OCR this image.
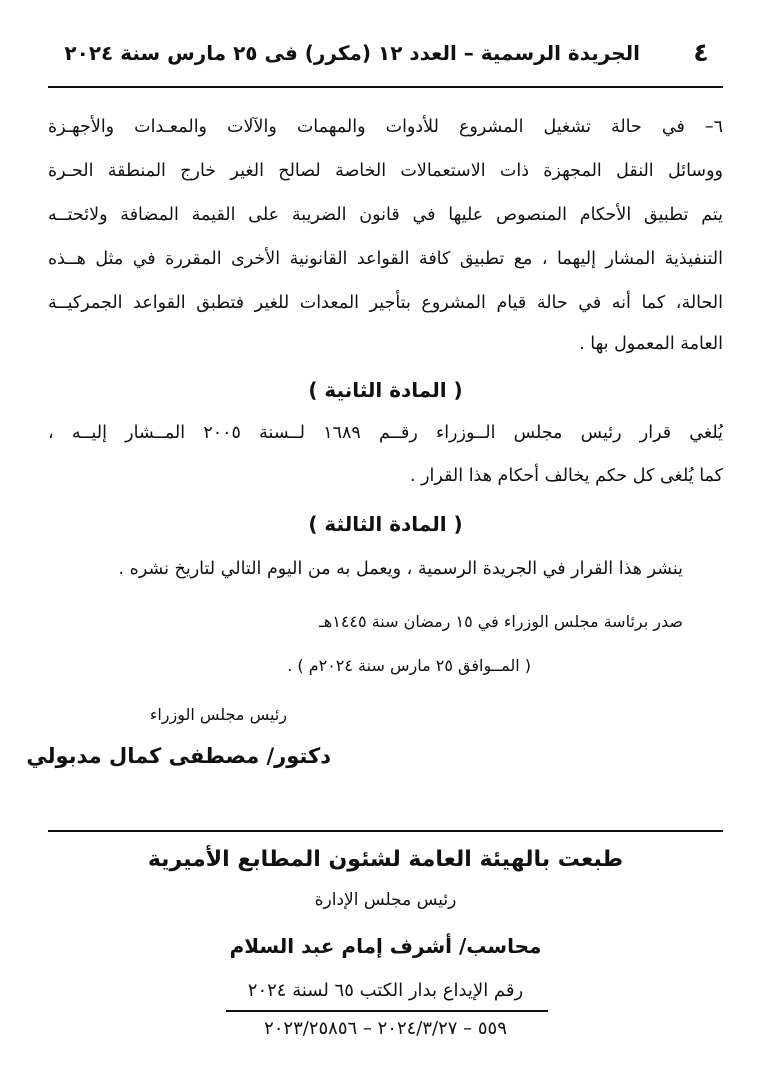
٤
الجريدة الرسمية – العدد ١٢ (مكرر) فى ٢٥ مارس سنة ٢٠٢٤
٦– في حالة تشغيل المشروع للأدوات والمهمات والآلات والمعـدات والأجهـزة
ووسائل النقل المجهزة ذات الاستعمالات الخاصة لصالح الغير خارج المنطقة الحـرة
يتم تطبيق الأحكام المنصوص عليها في قانون الضريبة على القيمة المضافة ولائحتــه
التنفيذية المشار إليهما ، مع تطبيق كافة القواعد القانونية الأخرى المقررة في مثل هــذه
الحالة، كما أنه في حالة قيام المشروع بتأجير المعدات للغير فتطبق القواعد الجمركيــة
العامة المعمول بها .
( المادة الثانية )
يُلغي قرار رئيس مجلس الــوزراء رقــم ١٦٨٩ لــسنة ٢٠٠٥ المــشار إليــه ،
كما يُلغى كل حكم يخالف أحكام هذا القرار .
( المادة الثالثة )
ينشر هذا القرار في الجريدة الرسمية ، ويعمل به من اليوم التالي لتاريخ نشره .
صدر برئاسة مجلس الوزراء في ١٥ رمضان سنة ١٤٤٥هـ
( المــوافق ٢٥ مارس سنة ٢٠٢٤م ) .
رئيس مجلس الوزراء
دكتور/ مصطفى كمال مدبولي
طبعت بالهيئة العامة لشئون المطابع الأميرية
رئيس مجلس الإدارة
محاسب/ أشرف إمام عبد السلام
رقم الإيداع بدار الكتب ٦٥ لسنة ٢٠٢٤
٥٥٩ – ٢٠٢٤/٣/٢٧ – ٢٠٢٣/٢٥٨٥٦
